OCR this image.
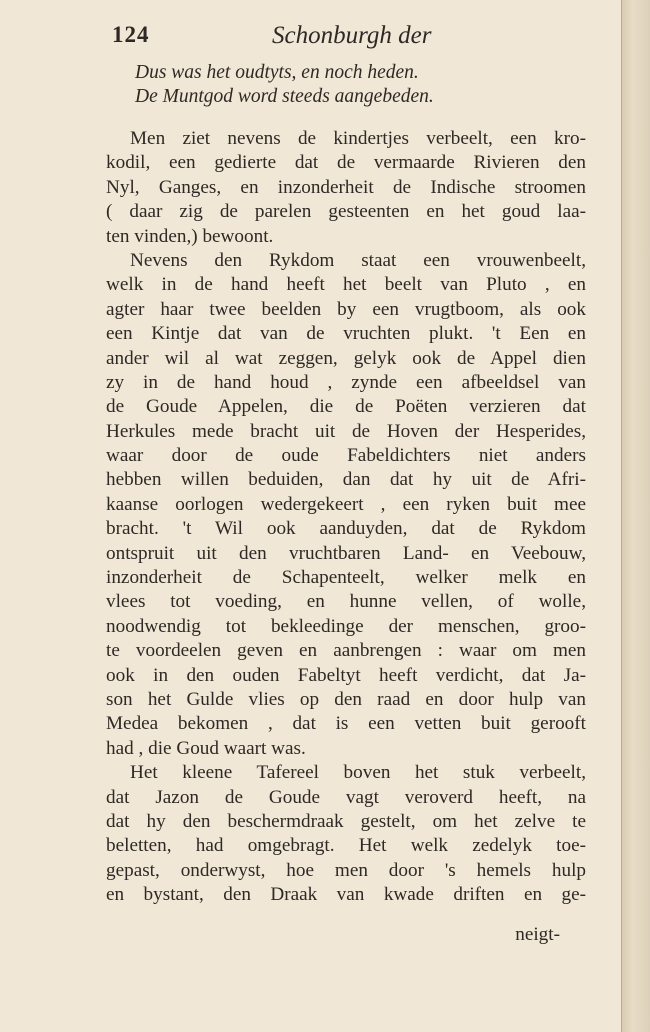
124	Schonburgh der
Dus was het oudtyts, en noch heden.
De Muntgod word steeds aangebeden.
Men ziet nevens de kindertjes verbeelt, een kro-
kodil, een gedierte dat de vermaarde Rivieren den
Nyl, Ganges, en inzonderheit de Indische stroomen
( daar zig de parelen gesteenten en het goud laa-
ten vinden,) bewoont.
Nevens den Rykdom staat een vrouwenbeelt,
welk in de hand heeft het beelt van Pluto , en
agter haar twee beelden by een vrugtboom, als ook
een Kintje dat van de vruchten plukt. 't Een en
ander wil al wat zeggen, gelyk ook de Appel dien
zy in de hand houd , zynde een afbeeldsel van
de Goude Appelen, die de Poëten verzieren dat
Herkules mede bracht uit de Hoven der Hesperides,
waar door de oude Fabeldichters niet anders
hebben willen beduiden, dan dat hy uit de Afri-
kaanse oorlogen wedergekeert , een ryken buit mee
bracht. 't Wil ook aanduyden, dat de Rykdom
ontspruit uit den vruchtbaren Land- en Veebouw,
inzonderheit de Schapenteelt, welker melk en
vlees tot voeding, en hunne vellen, of wolle,
noodwendig tot bekleedinge der menschen, groo-
te voordeelen geven en aanbrengen : waar om men
ook in den ouden Fabeltyt heeft verdicht, dat Ja-
son het Gulde vlies op den raad en door hulp van
Medea bekomen , dat is een vetten buit gerooft
had , die Goud waart was.
Het kleene Tafereel boven het stuk verbeelt,
dat Jazon de Goude vagt veroverd heeft, na
dat hy den beschermdraak gestelt, om het zelve te
beletten, had omgebragt. Het welk zedelyk toe-
gepast, onderwyst, hoe men door 's hemels hulp
en bystant, den Draak van kwade driften en ge-
neigt-
